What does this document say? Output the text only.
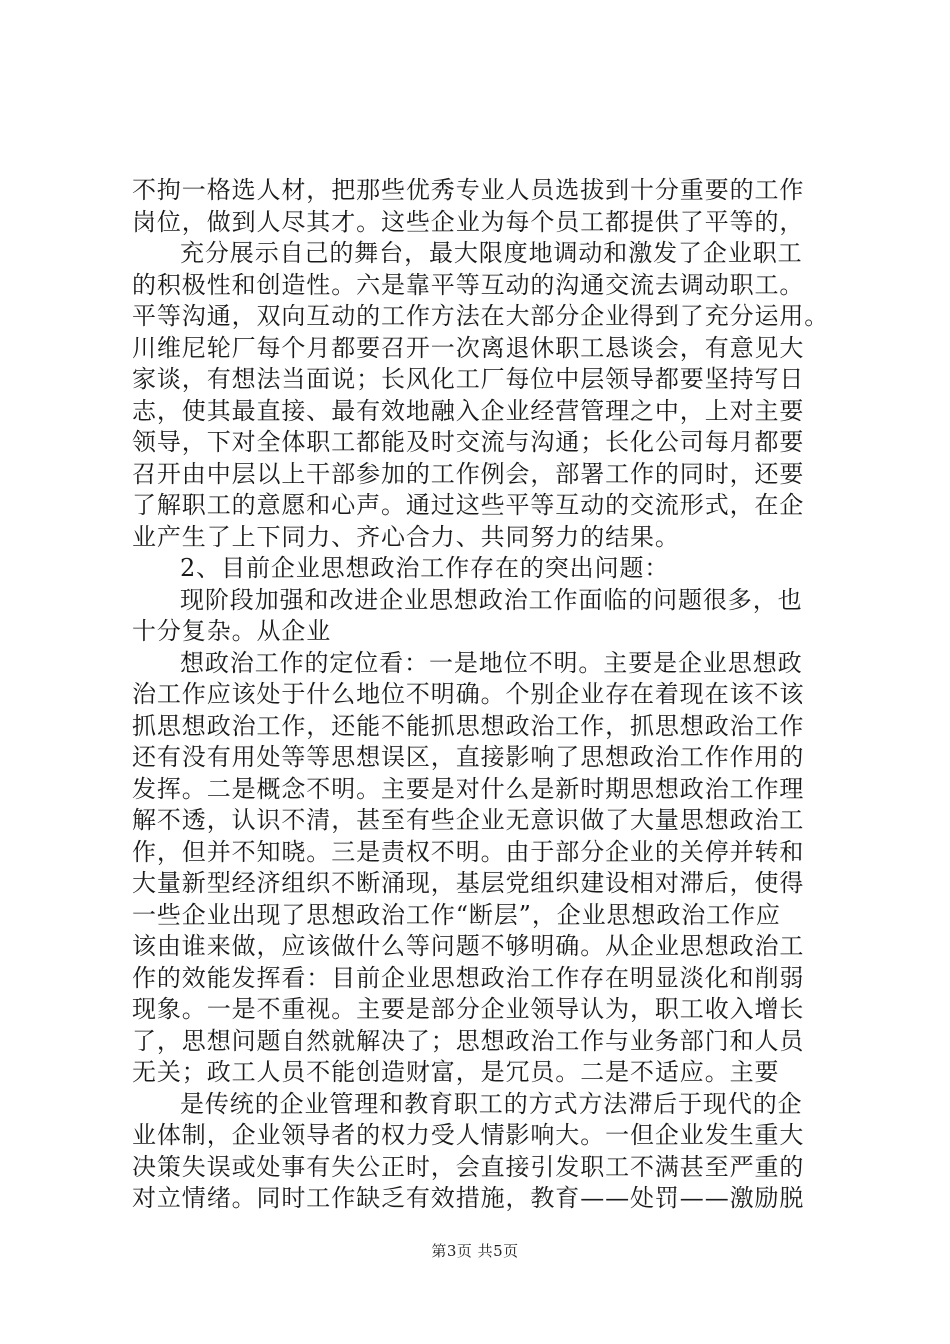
不拘一格选人材，把那些优秀专业人员选拔到十分重要的工作
岗位，做到人尽其才。这些企业为每个员工都提供了平等的，
充分展示自己的舞台，最大限度地调动和激发了企业职工
的积极性和创造性。六是靠平等互动的沟通交流去调动职工。
平等沟通，双向互动的工作方法在大部分企业得到了充分运用。
川维尼轮厂每个月都要召开一次离退休职工恳谈会，有意见大
家谈，有想法当面说；长风化工厂每位中层领导都要坚持写日
志，使其最直接、最有效地融入企业经营管理之中，上对主要
领导，下对全体职工都能及时交流与沟通；长化公司每月都要
召开由中层以上干部参加的工作例会，部署工作的同时，还要
了解职工的意愿和心声。通过这些平等互动的交流形式，在企
业产生了上下同力、齐心合力、共同努力的结果。
2、目前企业思想政治工作存在的突出问题：
现阶段加强和改进企业思想政治工作面临的问题很多，也
十分复杂。从企业
想政治工作的定位看：一是地位不明。主要是企业思想政
治工作应该处于什么地位不明确。个别企业存在着现在该不该
抓思想政治工作，还能不能抓思想政治工作，抓思想政治工作
还有没有用处等等思想误区，直接影响了思想政治工作作用的
发挥。二是概念不明。主要是对什么是新时期思想政治工作理
解不透，认识不清，甚至有些企业无意识做了大量思想政治工
作，但并不知晓。三是责权不明。由于部分企业的关停并转和
大量新型经济组织不断涌现，基层党组织建设相对滞后，使得
一些企业出现了思想政治工作“断层”，企业思想政治工作应
该由谁来做，应该做什么等问题不够明确。从企业思想政治工
作的效能发挥看：目前企业思想政治工作存在明显淡化和削弱
现象。一是不重视。主要是部分企业领导认为，职工收入增长
了，思想问题自然就解决了；思想政治工作与业务部门和人员
无关；政工人员不能创造财富，是冗员。二是不适应。主要
是传统的企业管理和教育职工的方式方法滞后于现代的企
业体制，企业领导者的权力受人情影响大。一但企业发生重大
决策失误或处事有失公正时，会直接引发职工不满甚至严重的
对立情绪。同时工作缺乏有效措施，教育——处罚——激励脱
第3页 共5页
